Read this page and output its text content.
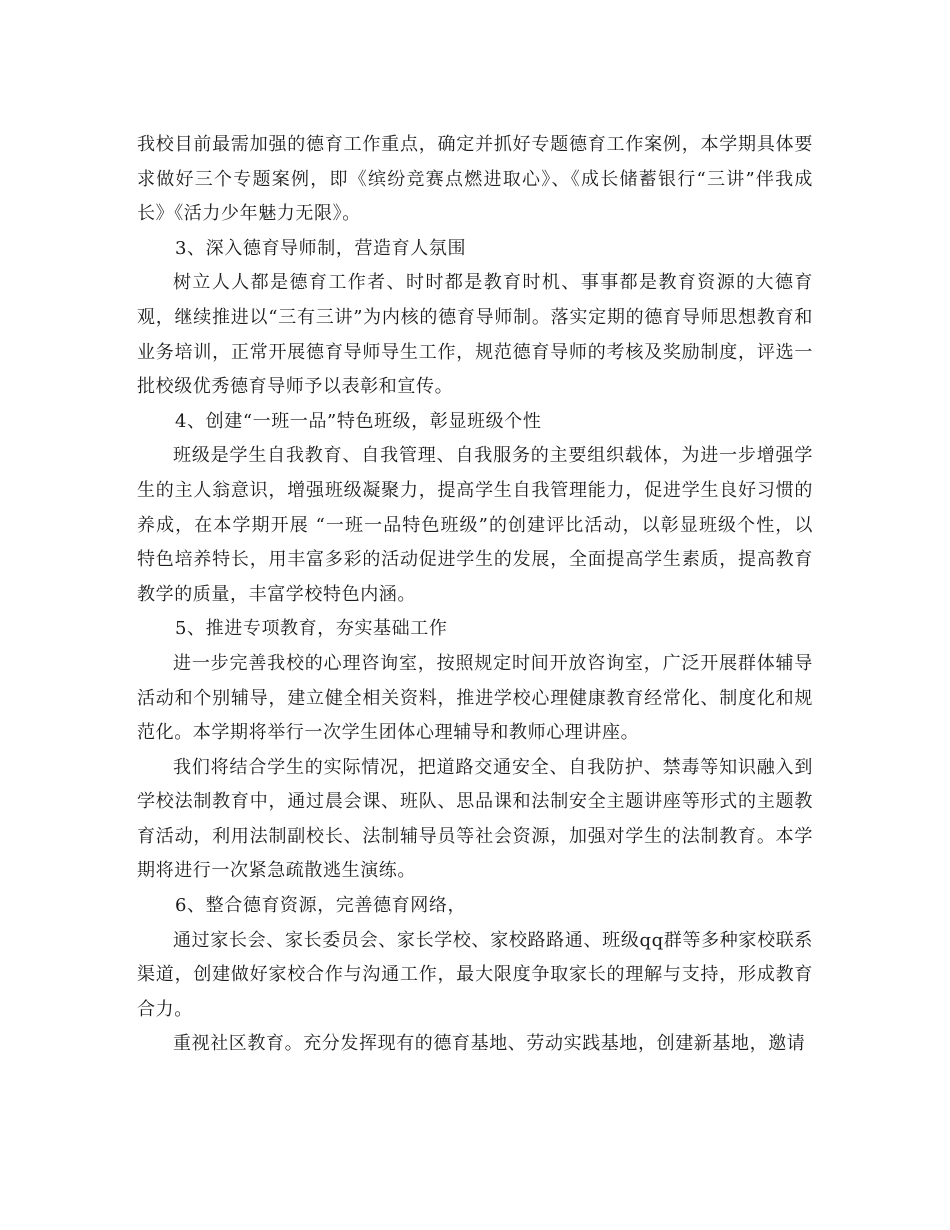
我校目前最需加强的德育工作重点，确定并抓好专题德育工作案例，本学期具体要求做好三个专题案例，即《缤纷竞赛点燃进取心》、《成长储蓄银行“三讲”伴我成长》《活力少年魅力无限》。

3、深入德育导师制，营造育人氛围

树立人人都是德育工作者、时时都是教育时机、事事都是教育资源的大德育观，继续推进以“三有三讲”为内核的德育导师制。落实定期的德育导师思想教育和业务培训，正常开展德育导师导生工作，规范德育导师的考核及奖励制度，评选一批校级优秀德育导师予以表彰和宣传。

4、创建“一班一品”特色班级，彰显班级个性

班级是学生自我教育、自我管理、自我服务的主要组织载体，为进一步增强学生的主人翁意识，增强班级凝聚力，提高学生自我管理能力，促进学生良好习惯的养成，在本学期开展 “一班一品特色班级”的创建评比活动，以彰显班级个性，以特色培养特长，用丰富多彩的活动促进学生的发展，全面提高学生素质，提高教育教学的质量，丰富学校特色内涵。

5、推进专项教育，夯实基础工作

进一步完善我校的心理咨询室，按照规定时间开放咨询室，广泛开展群体辅导活动和个别辅导，建立健全相关资料，推进学校心理健康教育经常化、制度化和规范化。本学期将举行一次学生团体心理辅导和教师心理讲座。

我们将结合学生的实际情况，把道路交通安全、自我防护、禁毒等知识融入到学校法制教育中，通过晨会课、班队、思品课和法制安全主题讲座等形式的主题教育活动，利用法制副校长、法制辅导员等社会资源，加强对学生的法制教育。本学期将进行一次紧急疏散逃生演练。

6、整合德育资源，完善德育网络，

通过家长会、家长委员会、家长学校、家校路路通、班级qq群等多种家校联系渠道，创建做好家校合作与沟通工作，最大限度争取家长的理解与支持，形成教育合力。

重视社区教育。充分发挥现有的德育基地、劳动实践基地，创建新基地，邀请
